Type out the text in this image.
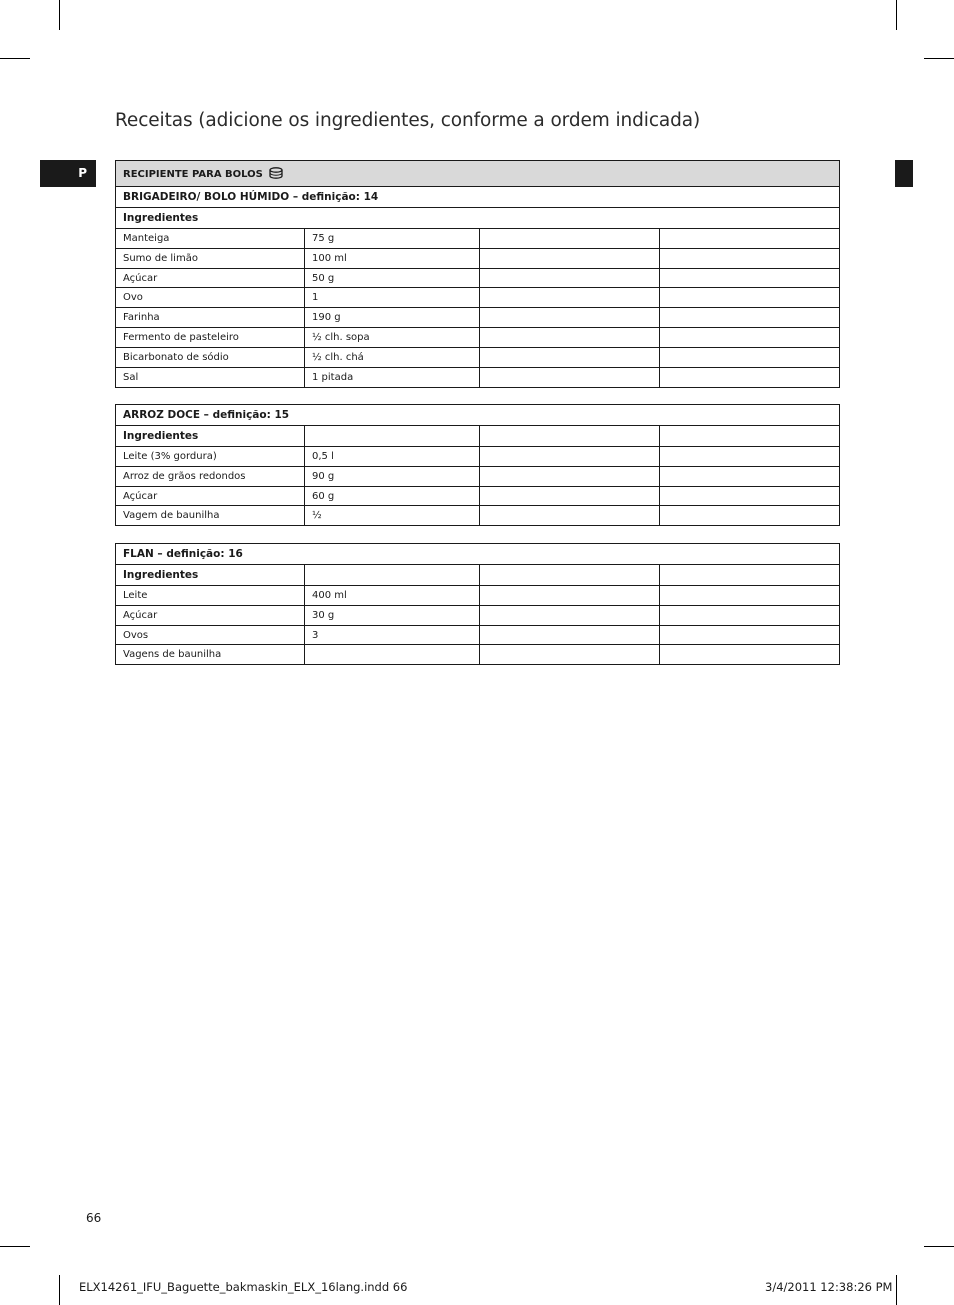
Receitas (adicione os ingredientes, conforme a ordem indicada)
P	RECIPIENTE PARA BOLOS			
BRIGADEIRO/ BOLO HÚMIDO – definição: 14			
Ingredientes			
Manteiga	75 g		
Sumo de limão	100 ml		
Açúcar	50 g		
Ovo	1		
Farinha	190 g		
Fermento de pasteleiro	½ clh. sopa		
Bicarbonato de sódio	½ clh. chá		
Sal	1 pitada		
ARROZ DOCE – definição: 15			
Ingredientes			
Leite (3% gordura)	0,5 l		
Arroz de grãos redondos	90 g		
Açúcar	60 g		
Vagem de baunilha	½		
FLAN – definição: 16			
Ingredientes			
Leite	400 ml		
Açúcar	30 g		
Ovos	3		
Vagens de baunilha			
66
ELX14261_IFU_Baguette_bakmaskin_ELX_16lang.indd 66	3/4/2011 12:38:26 PM
